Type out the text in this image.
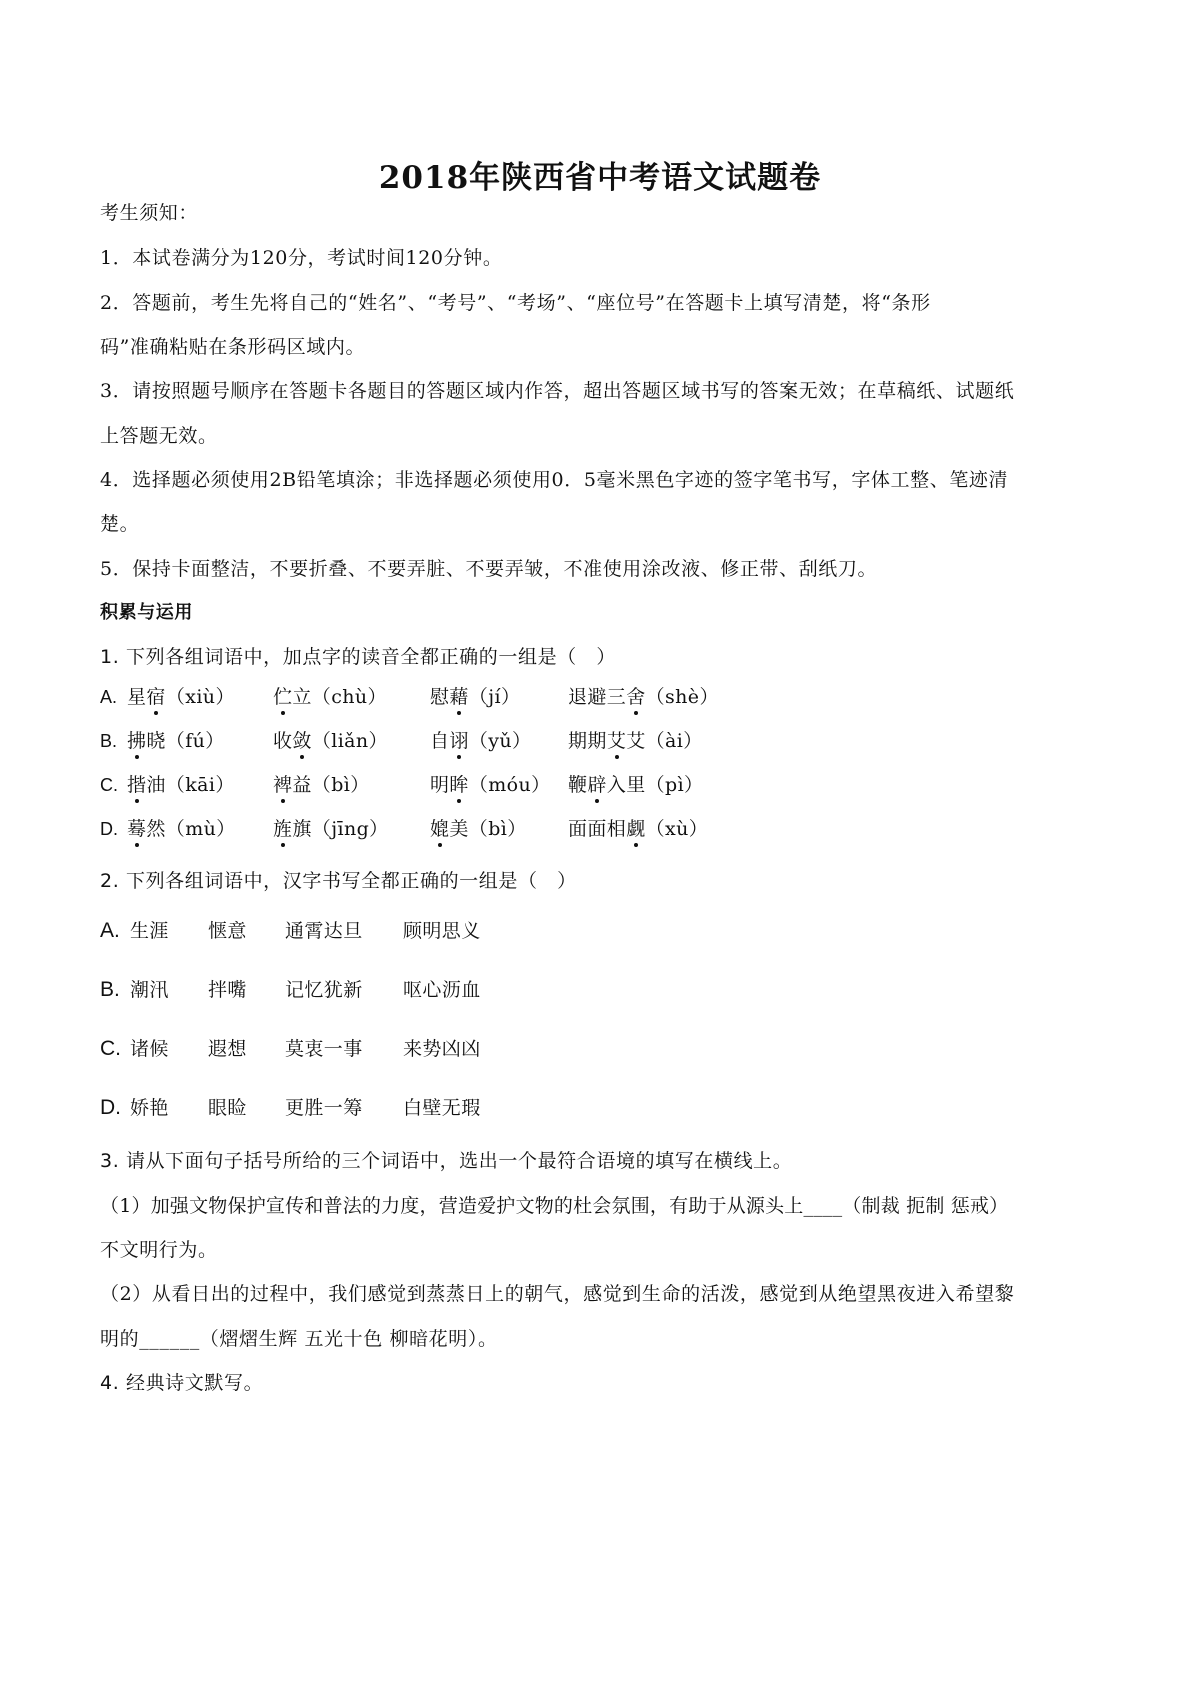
2018年陕西省中考语文试题卷
考生须知：
1．本试卷满分为120分，考试时间120分钟。
2．答题前，考生先将自己的“姓名”、“考号”、“考场”、“座位号”在答题卡上填写清楚，将“条形
码”准确粘贴在条形码区域内。
3．请按照题号顺序在答题卡各题目的答题区域内作答，超出答题区域书写的答案无效；在草稿纸、试题纸
上答题无效。
4．选择题必须使用2B铅笔填涂；非选择题必须使用0．5毫米黑色字迹的签字笔书写，字体工整、笔迹清
楚。
5．保持卡面整洁，不要折叠、不要弄脏、不要弄皱，不准使用涂改液、修正带、刮纸刀。
积累与运用
1. 下列各组词语中，加点字的读音全都正确的一组是（　）
A. 星宿（xiù） 伫立（chù） 慰藉（jí）	退避三舍（shè）
B. 拂晓（fú）	收敛（liǎn） 自诩（yǔ） 期期艾艾（ài）
C. 揩油（kāi） 裨益（bì）	明眸（móu） 鞭辟入里（pì）
D. 蓦然（mù） 旌旗（jīng） 媲美（bì） 面面相觑（xù）
2. 下列各组词语中，汉字书写全都正确的一组是（　）
A. 生涯 惬意 通霄达旦 顾明思义
B. 潮汛 拌嘴 记忆犹新 呕心沥血
C. 诸候 遐想 莫衷一事 来势凶凶
D. 娇艳 眼睑 更胜一筹 白壁无瑕
3. 请从下面句子括号所给的三个词语中，选出一个最符合语境的填写在横线上。
（1）加强文物保护宣传和普法的力度，营造爱护文物的杜会氛围，有助于从源头上____（制裁 扼制 惩戒）
不文明行为。
（2）从看日出的过程中，我们感觉到蒸蒸日上的朝气，感觉到生命的活泼，感觉到从绝望黑夜进入希望黎
明的______（熠熠生辉 五光十色 柳暗花明）。
4. 经典诗文默写。
